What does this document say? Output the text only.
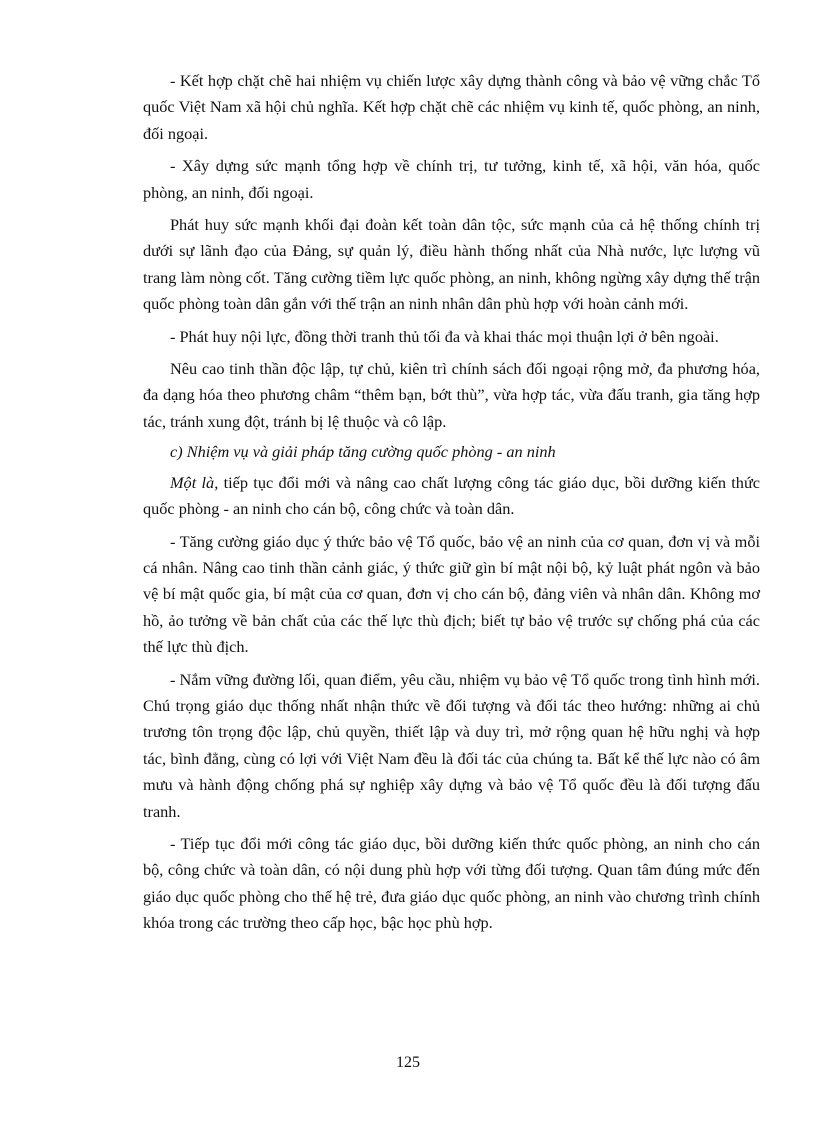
- Kết hợp chặt chẽ hai nhiệm vụ chiến lược xây dựng thành công và bảo vệ vững chắc Tổ quốc Việt Nam xã hội chủ nghĩa. Kết hợp chặt chẽ các nhiệm vụ kinh tế, quốc phòng, an ninh, đối ngoại.

- Xây dựng sức mạnh tổng hợp về chính trị, tư tưởng, kinh tế, xã hội, văn hóa, quốc phòng, an ninh, đối ngoại.

Phát huy sức mạnh khối đại đoàn kết toàn dân tộc, sức mạnh của cả hệ thống chính trị dưới sự lãnh đạo của Đảng, sự quản lý, điều hành thống nhất của Nhà nước, lực lượng vũ trang làm nòng cốt. Tăng cường tiềm lực quốc phòng, an ninh, không ngừng xây dựng thế trận quốc phòng toàn dân gắn với thế trận an ninh nhân dân phù hợp với hoàn cảnh mới.

- Phát huy nội lực, đồng thời tranh thủ tối đa và khai thác mọi thuận lợi ở bên ngoài.

Nêu cao tinh thần độc lập, tự chủ, kiên trì chính sách đối ngoại rộng mở, đa phương hóa, đa dạng hóa theo phương châm “thêm bạn, bớt thù”, vừa hợp tác, vừa đấu tranh, gia tăng hợp tác, tránh xung đột, tránh bị lệ thuộc và cô lập.

c) Nhiệm vụ và giải pháp tăng cường quốc phòng - an ninh

Một là, tiếp tục đổi mới và nâng cao chất lượng công tác giáo dục, bồi dưỡng kiến thức quốc phòng - an ninh cho cán bộ, công chức và toàn dân.

- Tăng cường giáo dục ý thức bảo vệ Tổ quốc, bảo vệ an ninh của cơ quan, đơn vị và mỗi cá nhân. Nâng cao tinh thần cảnh giác, ý thức giữ gìn bí mật nội bộ, kỷ luật phát ngôn và bảo vệ bí mật quốc gia, bí mật của cơ quan, đơn vị cho cán bộ, đảng viên và nhân dân. Không mơ hồ, ảo tưởng về bản chất của các thế lực thù địch; biết tự bảo vệ trước sự chống phá của các thế lực thù địch.

- Nắm vững đường lối, quan điểm, yêu cầu, nhiệm vụ bảo vệ Tổ quốc trong tình hình mới. Chú trọng giáo dục thống nhất nhận thức về đối tượng và đối tác theo hướng: những ai chủ trương tôn trọng độc lập, chủ quyền, thiết lập và duy trì, mở rộng quan hệ hữu nghị và hợp tác, bình đẳng, cùng có lợi với Việt Nam đều là đối tác của chúng ta. Bất kể thế lực nào có âm mưu và hành động chống phá sự nghiệp xây dựng và bảo vệ Tổ quốc đều là đối tượng đấu tranh.

- Tiếp tục đổi mới công tác giáo dục, bồi dưỡng kiến thức quốc phòng, an ninh cho cán bộ, công chức và toàn dân, có nội dung phù hợp với từng đối tượng. Quan tâm đúng mức đến giáo dục quốc phòng cho thế hệ trẻ, đưa giáo dục quốc phòng, an ninh vào chương trình chính khóa trong các trường theo cấp học, bậc học phù hợp.

125
